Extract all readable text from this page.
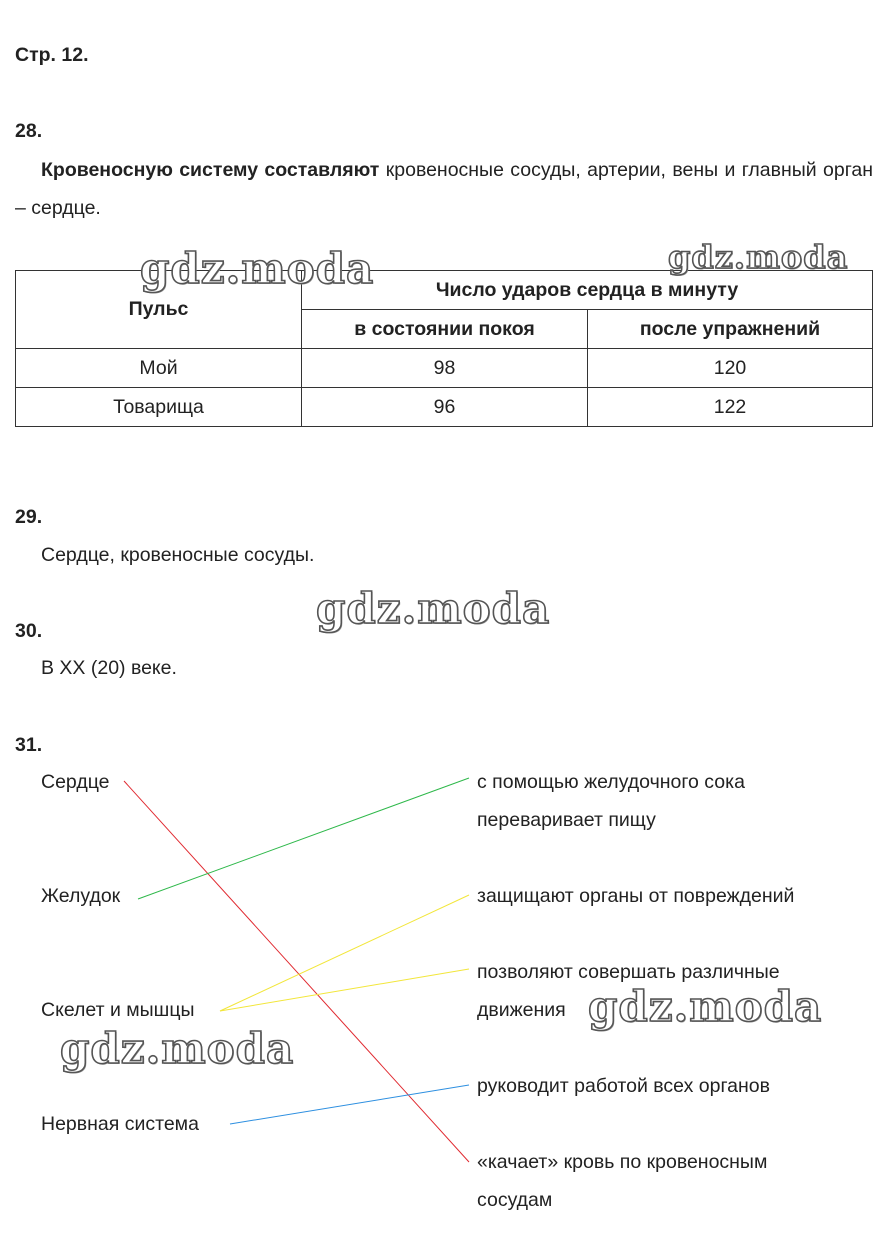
Стр. 12.
28.
Кровеносную систему составляют кровеносные сосуды, артерии, вены и главный орган – сердце.
Пульс	Число ударов сердца в минуту	
	в состоянии покоя	после упражнений
Мой	98	120
Товарища	96	122
29.
Сердце, кровеносные сосуды.
30.
В XX (20) веке.
31.
Сердце
Желудок
Скелет и мышцы
Нервная система
с помощью желудочного сока
переваривает пищу
защищают органы от повреждений
позволяют совершать различные
движения
руководит работой всех органов
«качает» кровь по кровеносным
сосудам
gdz.moda	gdz.moda
gdz.moda
gdz.moda
gdz.moda
